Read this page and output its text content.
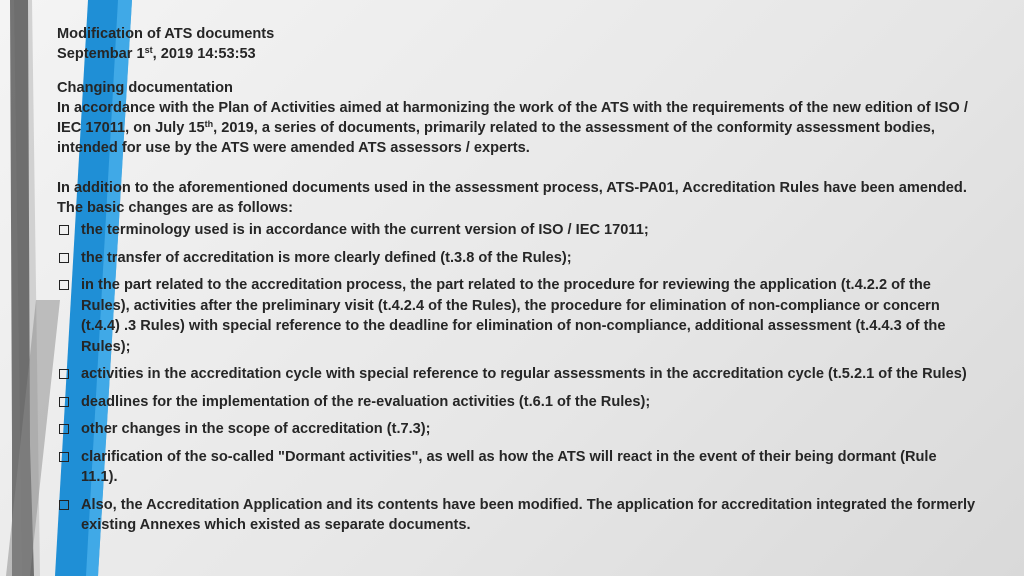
Modification of ATS documents

Septembar 1st, 2019 14:53:53

Changing documentation

In accordance with the Plan of Activities aimed at harmonizing the work of the ATS with the requirements of the new edition of ISO / IEC 17011, on July 15th, 2019, a series of documents, primarily related to the assessment of the conformity assessment bodies, intended for use by the ATS were amended ATS assessors / experts.

In addition to the aforementioned documents used in the assessment process, ATS-PA01, Accreditation Rules have been amended. The basic changes are as follows:

the terminology used is in accordance with the current version of ISO / IEC 17011;
the transfer of accreditation is more clearly defined (t.3.8 of the Rules);
in the part related to the accreditation process, the part related to the procedure for reviewing the application (t.4.2.2 of the Rules), activities after the preliminary visit (t.4.2.4 of the Rules), the procedure for elimination of non-compliance or concern (t.4.4) .3 Rules) with special reference to the deadline for elimination of non-compliance, additional assessment (t.4.4.3 of the Rules);
activities in the accreditation cycle with special reference to regular assessments in the accreditation cycle (t.5.2.1 of the Rules)
deadlines for the implementation of the re-evaluation activities (t.6.1 of the Rules);
other changes in the scope of accreditation (t.7.3);
clarification of the so-called "Dormant activities", as well as how the ATS will react in the event of their being dormant (Rule 11.1).
Also, the Accreditation Application and its contents have been modified. The application for accreditation integrated the formerly existing Annexes which existed as separate documents.
